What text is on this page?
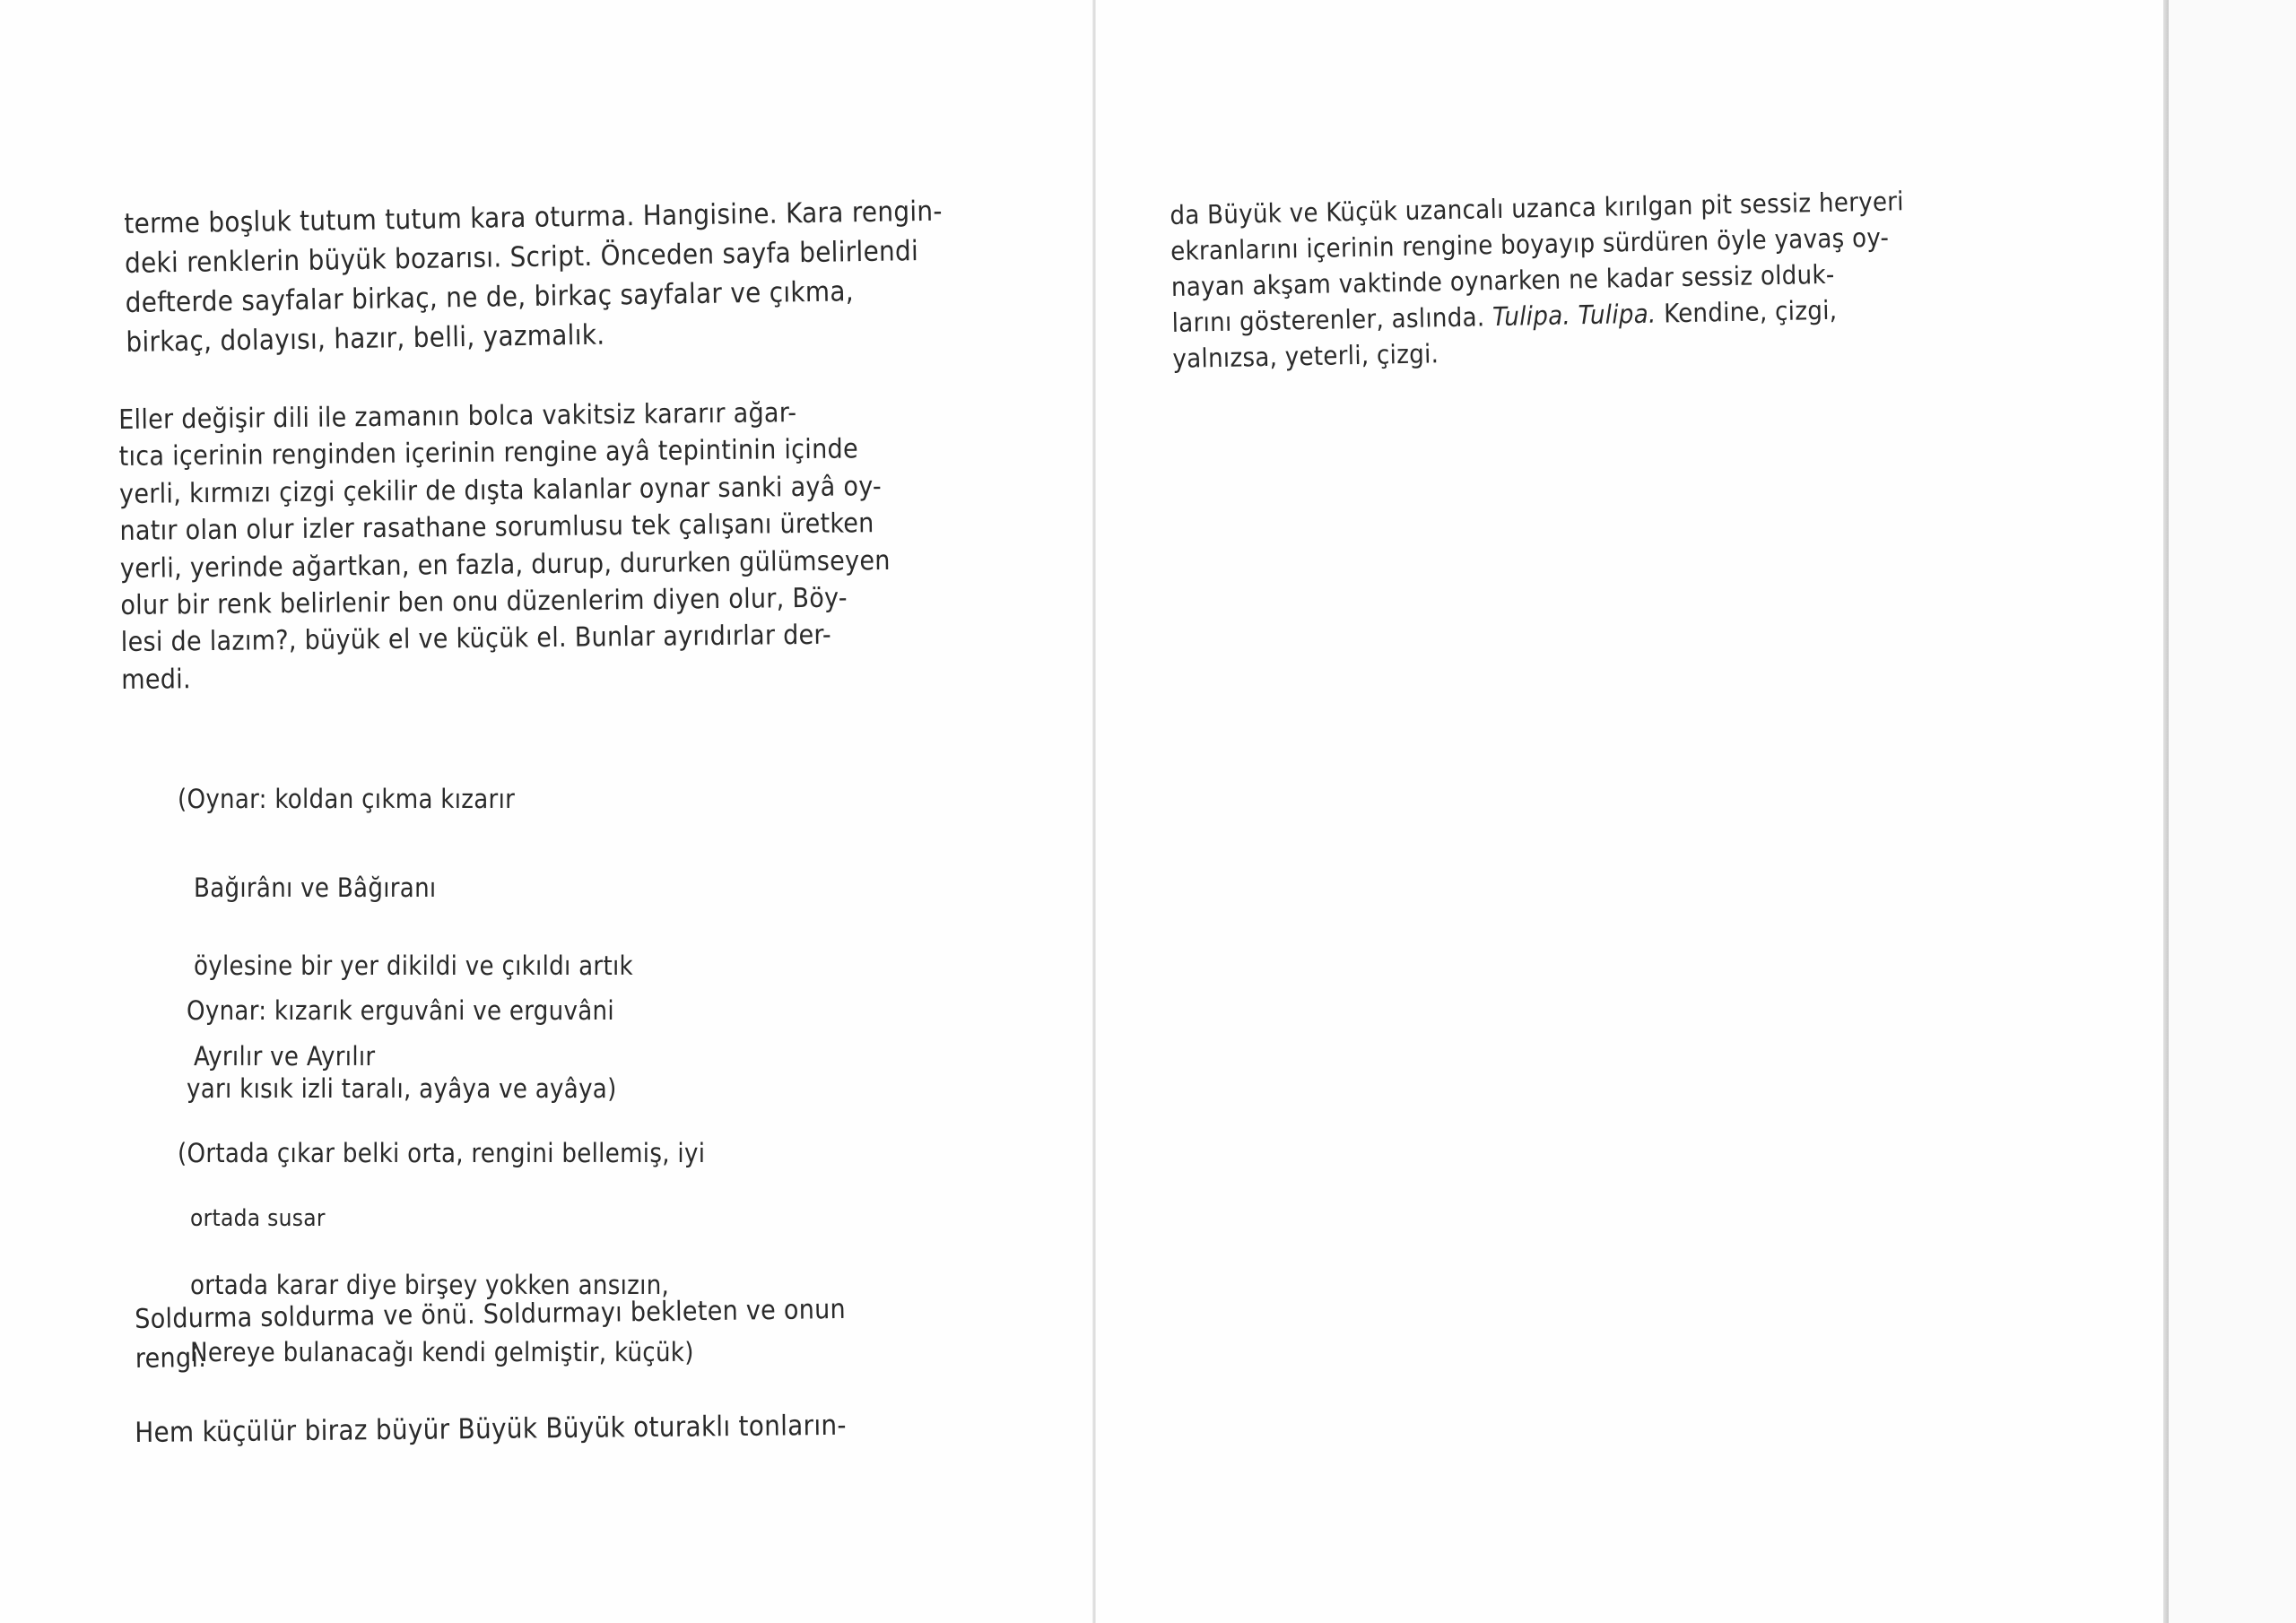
terme boşluk tutum tutum kara oturma. Hangisine. Kara rengin-
deki renklerin büyük bozarısı. Script. Önceden sayfa belirlendi
defterde sayfalar birkaç, ne de, birkaç sayfalar ve çıkma,
birkaç, dolayısı, hazır, belli, yazmalık.
Eller değişir dili ile zamanın bolca vakitsiz kararır ağar-
tıca içerinin renginden içerinin rengine ayâ tepintinin içinde
yerli, kırmızı çizgi çekilir de dışta kalanlar oynar sanki ayâ oy-
natır olan olur izler rasathane sorumlusu tek çalışanı üretken
yerli, yerinde ağartkan, en fazla, durup, dururken gülümseyen
olur bir renk belirlenir ben onu düzenlerim diyen olur, Böy-
lesi de lazım?, büyük el ve küçük el. Bunlar ayrıdırlar der-
medi.

(Oynar: koldan çıkma kızarır

Bağırânı ve Bâğıranı

öylesine bir yer dikildi ve çıkıldı artık

Ayrılır ve Ayrılır

Oynar: kızarık erguvâni ve erguvâni

yarı kısık izli taralı, ayâya ve ayâya)

(Ortada çıkar belki orta, rengini bellemiş, iyi

ortada susar

ortada karar diye birşey yokken ansızın,

Nereye bulanacağı kendi gelmiştir, küçük)

Soldurma soldurma ve önü. Soldurmayı bekleten ve onun
rengi.
Hem küçülür biraz büyür Büyük Büyük oturaklı tonların-
da Büyük ve Küçük uzancalı uzanca kırılgan pit sessiz heryeri
ekranlarını içerinin rengine boyayıp sürdüren öyle yavaş oy-
nayan akşam vaktinde oynarken ne kadar sessiz olduk-
larını gösterenler, aslında. Tulipa. Tulipa. Kendine, çizgi,
yalnızsa, yeterli, çizgi.
